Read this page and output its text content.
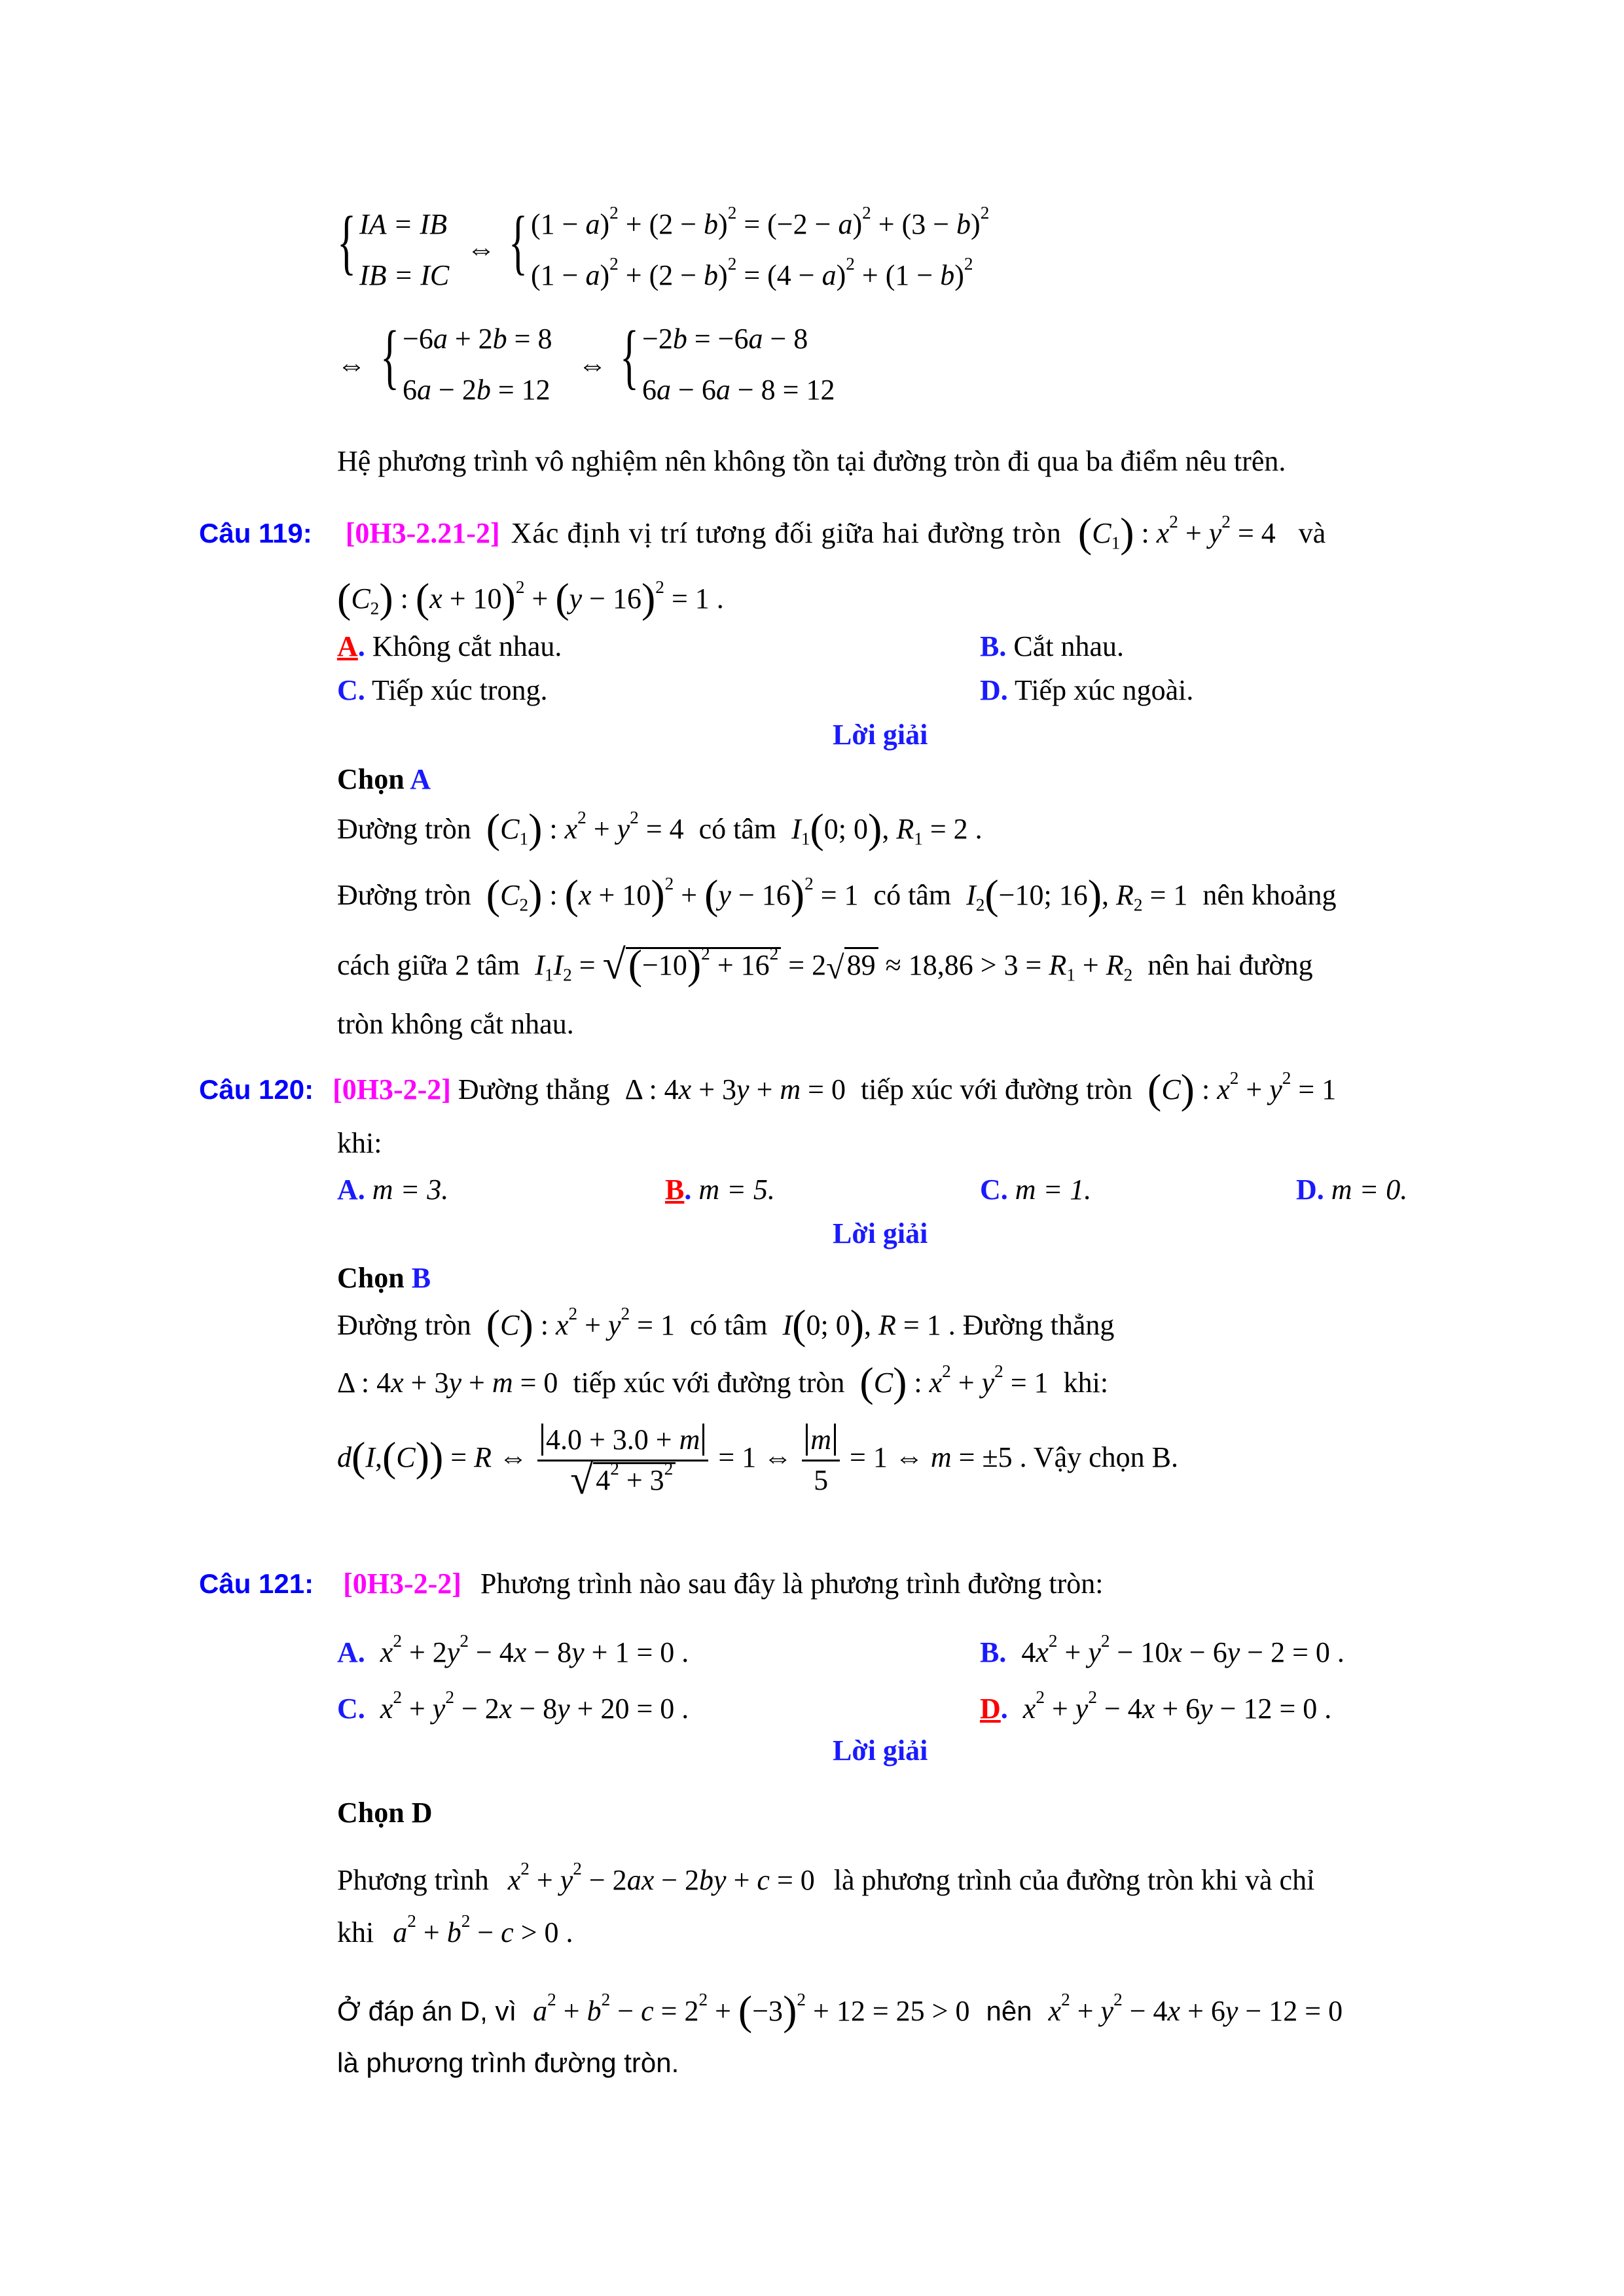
{ IA = IB
IB = IC
⇔ { $(1 - a)^2 + (2 - b)^2 = (-2 - a)^2 + (3 - b)^2$
$(1 - a)^2 + (2 - b)^2 = (4 - a)^2 + (1 - b)^2$
⇔ { −6a + 2b = 8
6a − 2b = 12
⇔ { −2b = −6a − 8
6a − 6a − 8 = 12
Hệ phương trình vô nghiệm nên không tồn tại đường tròn đi qua ba điểm nêu trên.
Câu 119: [0H3-2.21-2] Xác định vị trí tương đối giữa hai đường tròn $(C_1)$ : $x^2 + y^2 = 4$ và
$(C_2)$ : $(x + 10)^2 + (y - 16)^2 = 1$ .
A. Không cắt nhau.	B. Cắt nhau.
C. Tiếp xúc trong.	D. Tiếp xúc ngoài.
Lời giải
Chọn A
Đường tròn $(C_1)$ : $x^2 + y^2 = 4$ có tâm $I_1(0$; 0), $R_1 = 2$ .
Đường tròn $(C_2)$ : $(x + 10)^2 + (y - 16)^2 = 1$ có tâm $I_2(-10$; 16), $R_2 = 1$ nên khoảng
cách giữa 2 tâm $I_1I_2 = √(-10)^2 + 16^2 = 2√89 \approx 18,86 > 3 = R_1 + R_2$ nên hai đường
tròn không cắt nhau.
Câu 120: [0H3-2-2] Đường thẳng Δ : 4x + 3y + m = 0 tiếp xúc với đường tròn (C) : $x^2 + y^2 = 1$
khi:
A. m = 3.	B. m = 5.	C. m = 1.	D. m = 0.
Lời giải
Chọn B
Đường tròn (C) : $x^2 + y^2 = 1$ có tâm I(0; 0), R = 1 . Đường thẳng
Δ : 4x + 3y + m = 0 tiếp xúc với đường tròn (C) : $x^2 + y^2 = 1$ khi:
d(I,(C)) = R ⇔ $\frac{4.0 + 3.0 + m}{√4^2 + 3^2} = 1$ ⇔ $\frac{m}{5} = 1$ ⇔ m = ±5 . Vậy chọn B.
Câu 121: [0H3-2-2] Phương trình nào sau đây là phương trình đường tròn:
A. $x^2 + 2y^2 - 4x - 8y + 1 = 0$ .	B. $4x^2 + y^2 - 10x - 6y - 2 = 0$ .
C. $x^2 + y^2 - 2x - 8y + 20 = 0$ .	D. $x^2 + y^2 - 4x + 6y - 12 = 0$ .
Lời giải
Chọn D
Phương trình $x^2 + y^2 - 2ax - 2by + c = 0$ là phương trình của đường tròn khi và chỉ
khi $a^2 + b^2 - c > 0$ .
Ở đáp án D, vì $a^2 + b^2 - c = 2^2 + (-3)^2 + 12 = 25 > 0$ nên $x^2 + y^2 - 4x + 6y - 12 = 0$
là phương trình đường tròn.
